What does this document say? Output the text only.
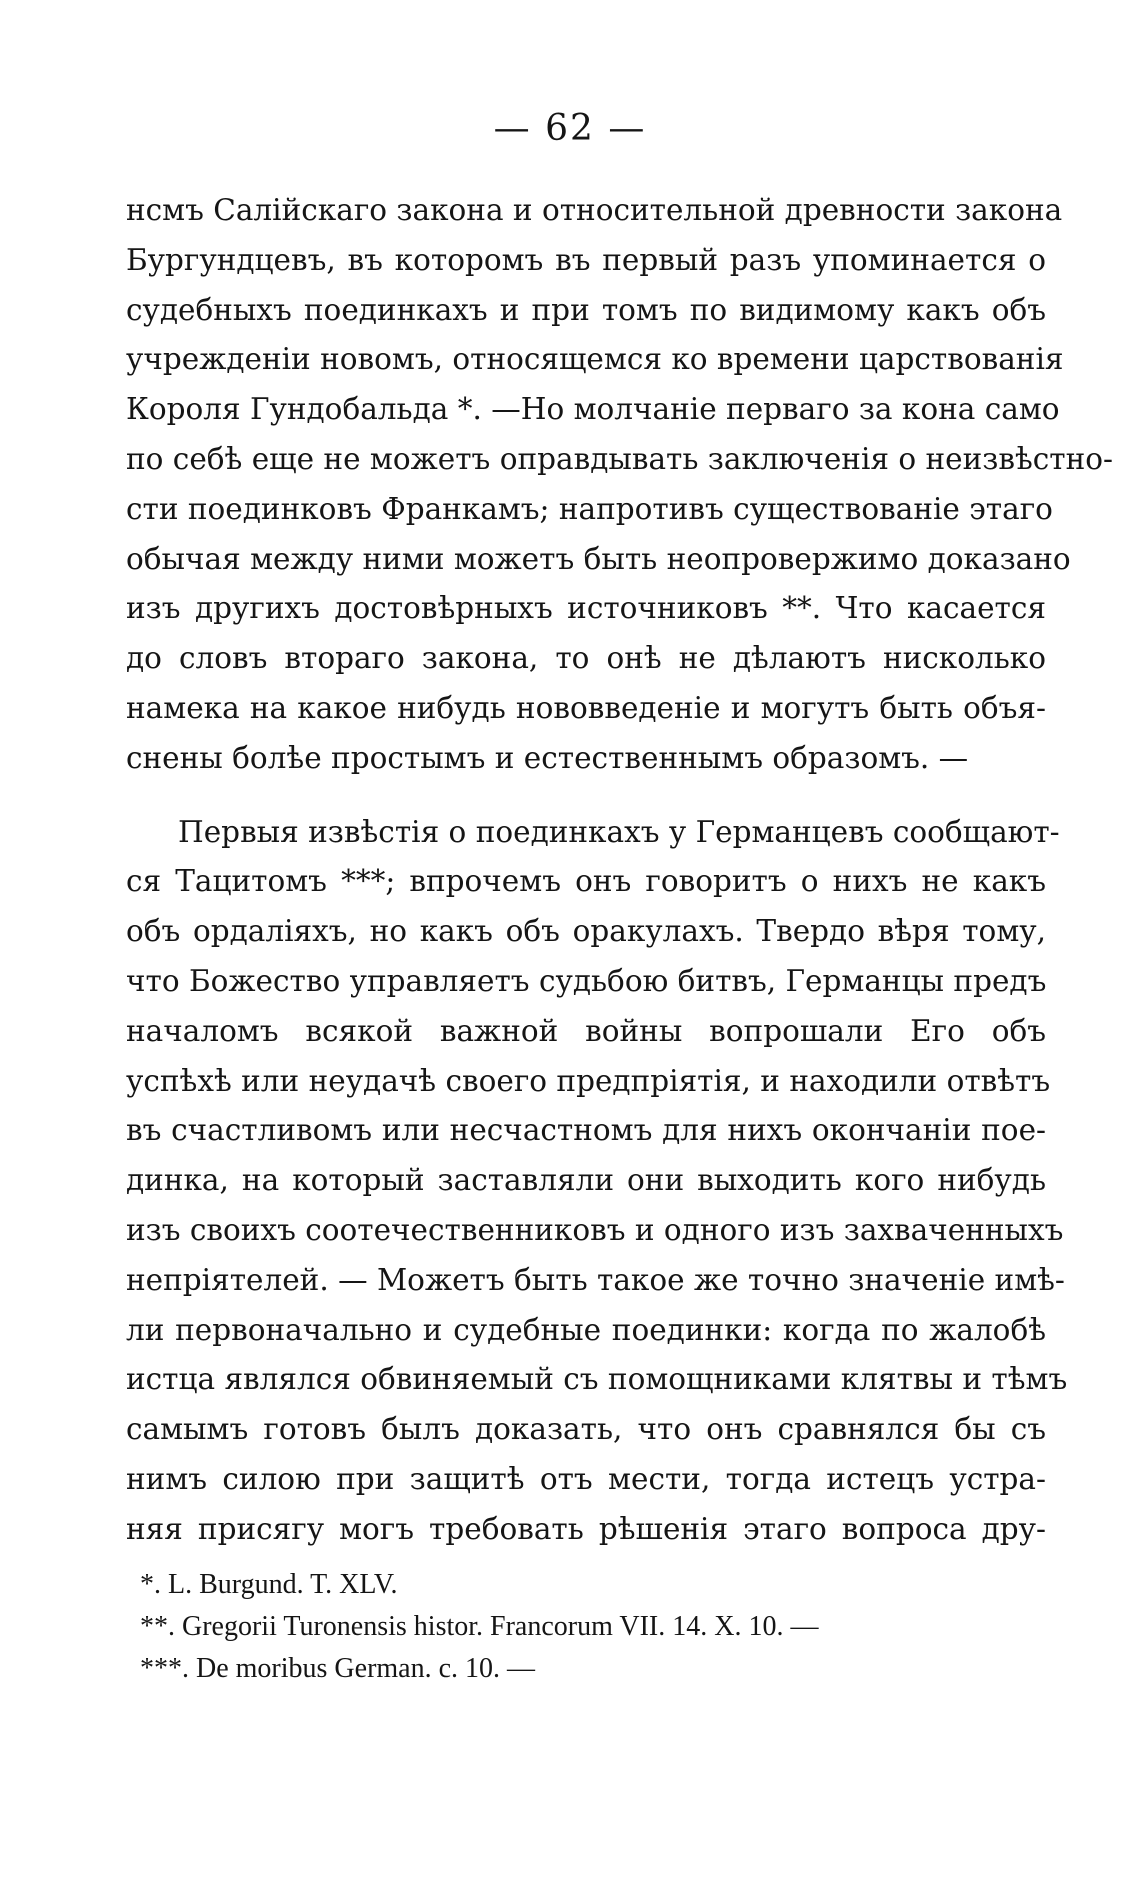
— 62 —
нсмъ Салійскаго закона и относительной древности закона
Бургундцевъ, въ которомъ въ первый разъ упоминается о
судебныхъ поединкахъ и при томъ по видимому какъ объ
учрежденіи новомъ, относящемся ко времени царствованія
Короля Гундобальда *. —Но молчаніе перваго за кона само
по себѣ еще не можетъ оправдывать заключенія о неизвѣстно-
сти поединковъ Франкамъ; напротивъ существованіе этаго
обычая между ними можетъ быть неопровержимо доказано
изъ другихъ достовѣрныхъ источниковъ **. Что касается
до словъ втораго закона, то онѣ не дѣлаютъ нисколько
намека на какое нибудь нововведеніе и могутъ быть объя-
снены болѣе простымъ и естественнымъ образомъ. —
Первыя извѣстія о поединкахъ у Германцевъ сообщают-
ся Тацитомъ ***; впрочемъ онъ говоритъ о нихъ не какъ
объ ордаліяхъ, но какъ объ оракулахъ. Твердо вѣря тому,
что Божество управляетъ судьбою битвъ, Германцы предъ
началомъ всякой важной войны вопрошали Его объ
успѣхѣ или неудачѣ своего предпріятія, и находили отвѣтъ
въ счастливомъ или несчастномъ для нихъ окончаніи пое-
динка, на который заставляли они выходить кого нибудь
изъ своихъ соотечественниковъ и одного изъ захваченныхъ
непріятелей. — Можетъ быть такое же точно значеніе имѣ-
ли первоначально и судебные поединки: когда по жалобѣ
истца являлся обвиняемый съ помощниками клятвы и тѣмъ
самымъ готовъ былъ доказать, что онъ сравнялся бы съ
нимъ силою при защитѣ отъ мести, тогда истецъ устра-
няя присягу могъ требовать рѣшенія этаго вопроса дру-
*. L. Burgund. T. XLV.
**. Gregorii Turonensis histor. Francorum VII. 14. X. 10. —
***. De moribus German. c. 10. —
